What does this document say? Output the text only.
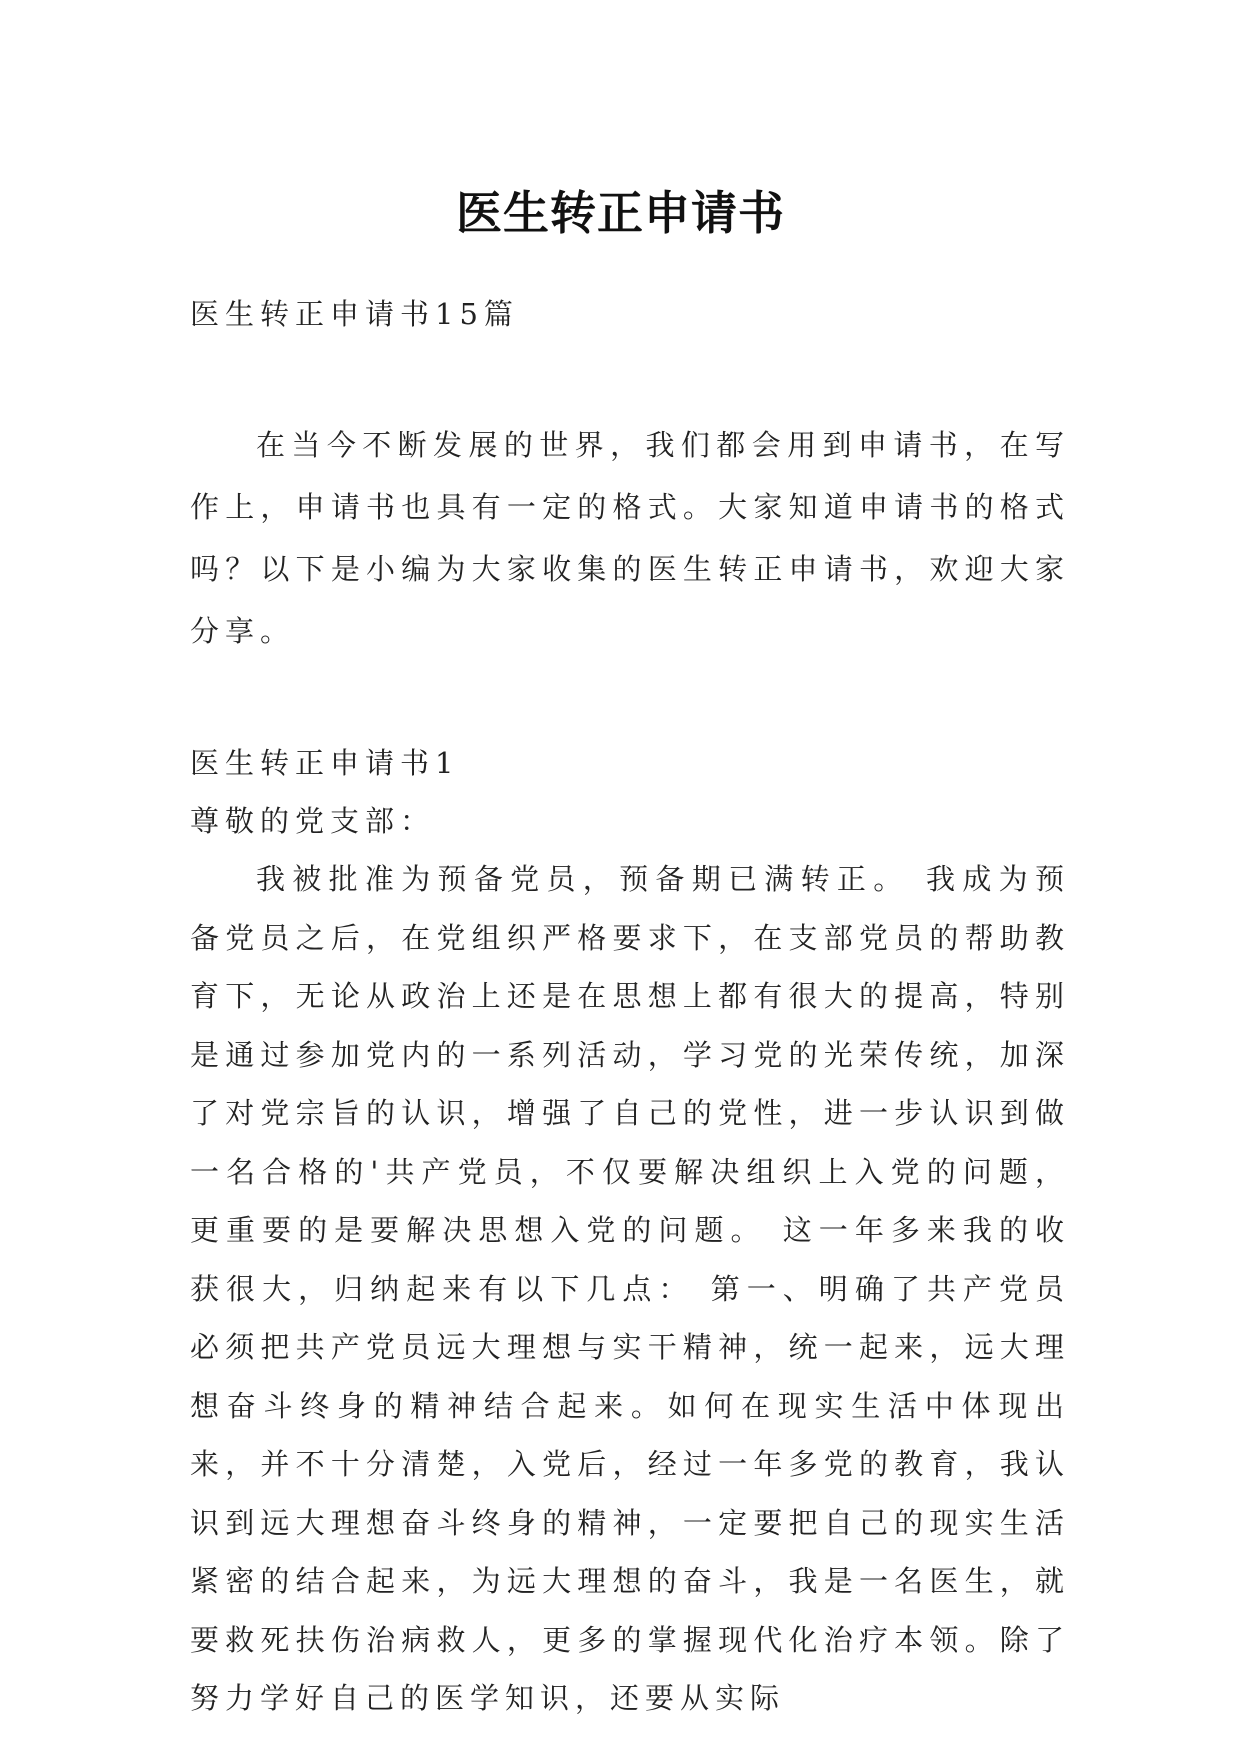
医生转正申请书

医生转正申请书15篇

在当今不断发展的世界，我们都会用到申请书，在写作上，申请书也具有一定的格式。大家知道申请书的格式吗？以下是小编为大家收集的医生转正申请书，欢迎大家分享。

医生转正申请书1

尊敬的党支部：

我被批准为预备党员，预备期已满转正。 我成为预备党员之后，在党组织严格要求下，在支部党员的帮助教育下，无论从政治上还是在思想上都有很大的提高，特别是通过参加党内的一系列活动，学习党的光荣传统，加深了对党宗旨的认识，增强了自己的党性，进一步认识到做一名合格的'共产党员，不仅要解决组织上入党的问题，更重要的是要解决思想入党的问题。 这一年多来我的收获很大，归纳起来有以下几点： 第一、明确了共产党员必须把共产党员远大理想与实干精神，统一起来，远大理想奋斗终身的精神结合起来。如何在现实生活中体现出来，并不十分清楚，入党后，经过一年多党的教育，我认识到远大理想奋斗终身的精神，一定要把自己的现实生活紧密的结合起来，为远大理想的奋斗，我是一名医生，就要救死扶伤治病救人，更多的掌握现代化治疗本领。除了努力学好自己的医学知识，还要从实际
